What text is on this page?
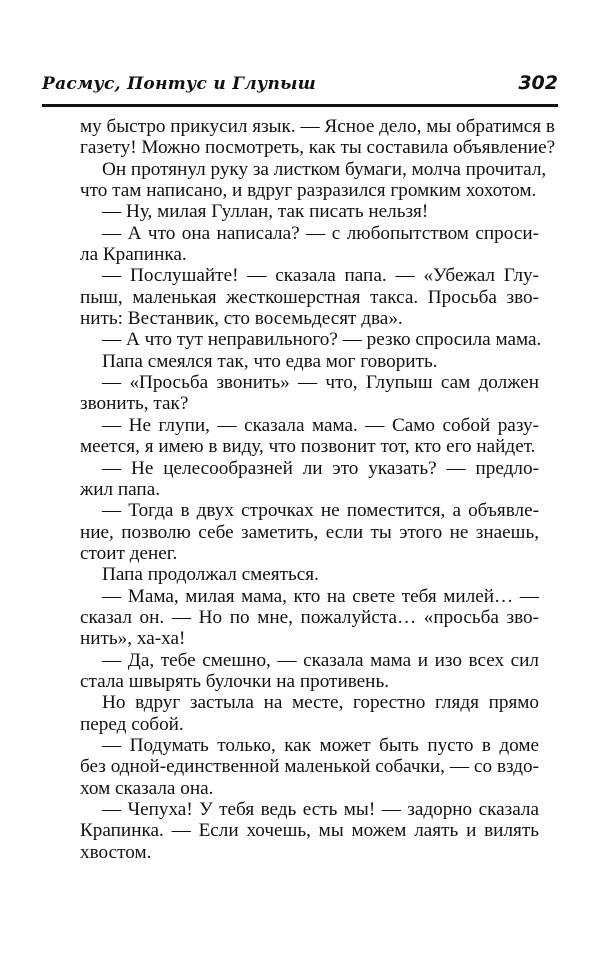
Расмус, Понтус и Глупыш	302
му быстро прикусил язык. — Ясное дело, мы обратимся в
газету! Можно посмотреть, как ты составила объявление?
Он протянул руку за листком бумаги, молча прочитал,
что там написано, и вдруг разразился громким хохотом.
— Ну, милая Гуллан, так писать нельзя!
— А что она написала? — с любопытством спроси-
ла Крапинка.
— Послушайте! — сказала папа. — «Убежал Глу-
пыш, маленькая жесткошерстная такса. Просьба зво-
нить: Вестанвик, сто восемьдесят два».
— А что тут неправильного? — резко спросила мама.
Папа смеялся так, что едва мог говорить.
— «Просьба звонить» — что, Глупыш сам должен
звонить, так?
— Не глупи, — сказала мама. — Само собой разу-
меется, я имею в виду, что позвонит тот, кто его найдет.
— Не целесообразней ли это указать? — предло-
жил папа.
— Тогда в двух строчках не поместится, а объявле-
ние, позволю себе заметить, если ты этого не знаешь,
стоит денег.
Папа продолжал смеяться.
— Мама, милая мама, кто на свете тебя милей… —
сказал он. — Но по мне, пожалуйста… «просьба зво-
нить», ха-ха!
— Да, тебе смешно, — сказала мама и изо всех сил
стала швырять булочки на противень.
Но вдруг застыла на месте, горестно глядя прямо
перед собой.
— Подумать только, как может быть пусто в доме
без одной-единственной маленькой собачки, — со вздо-
хом сказала она.
— Чепуха! У тебя ведь есть мы! — задорно сказала
Крапинка. — Если хочешь, мы можем лаять и вилять
хвостом.
